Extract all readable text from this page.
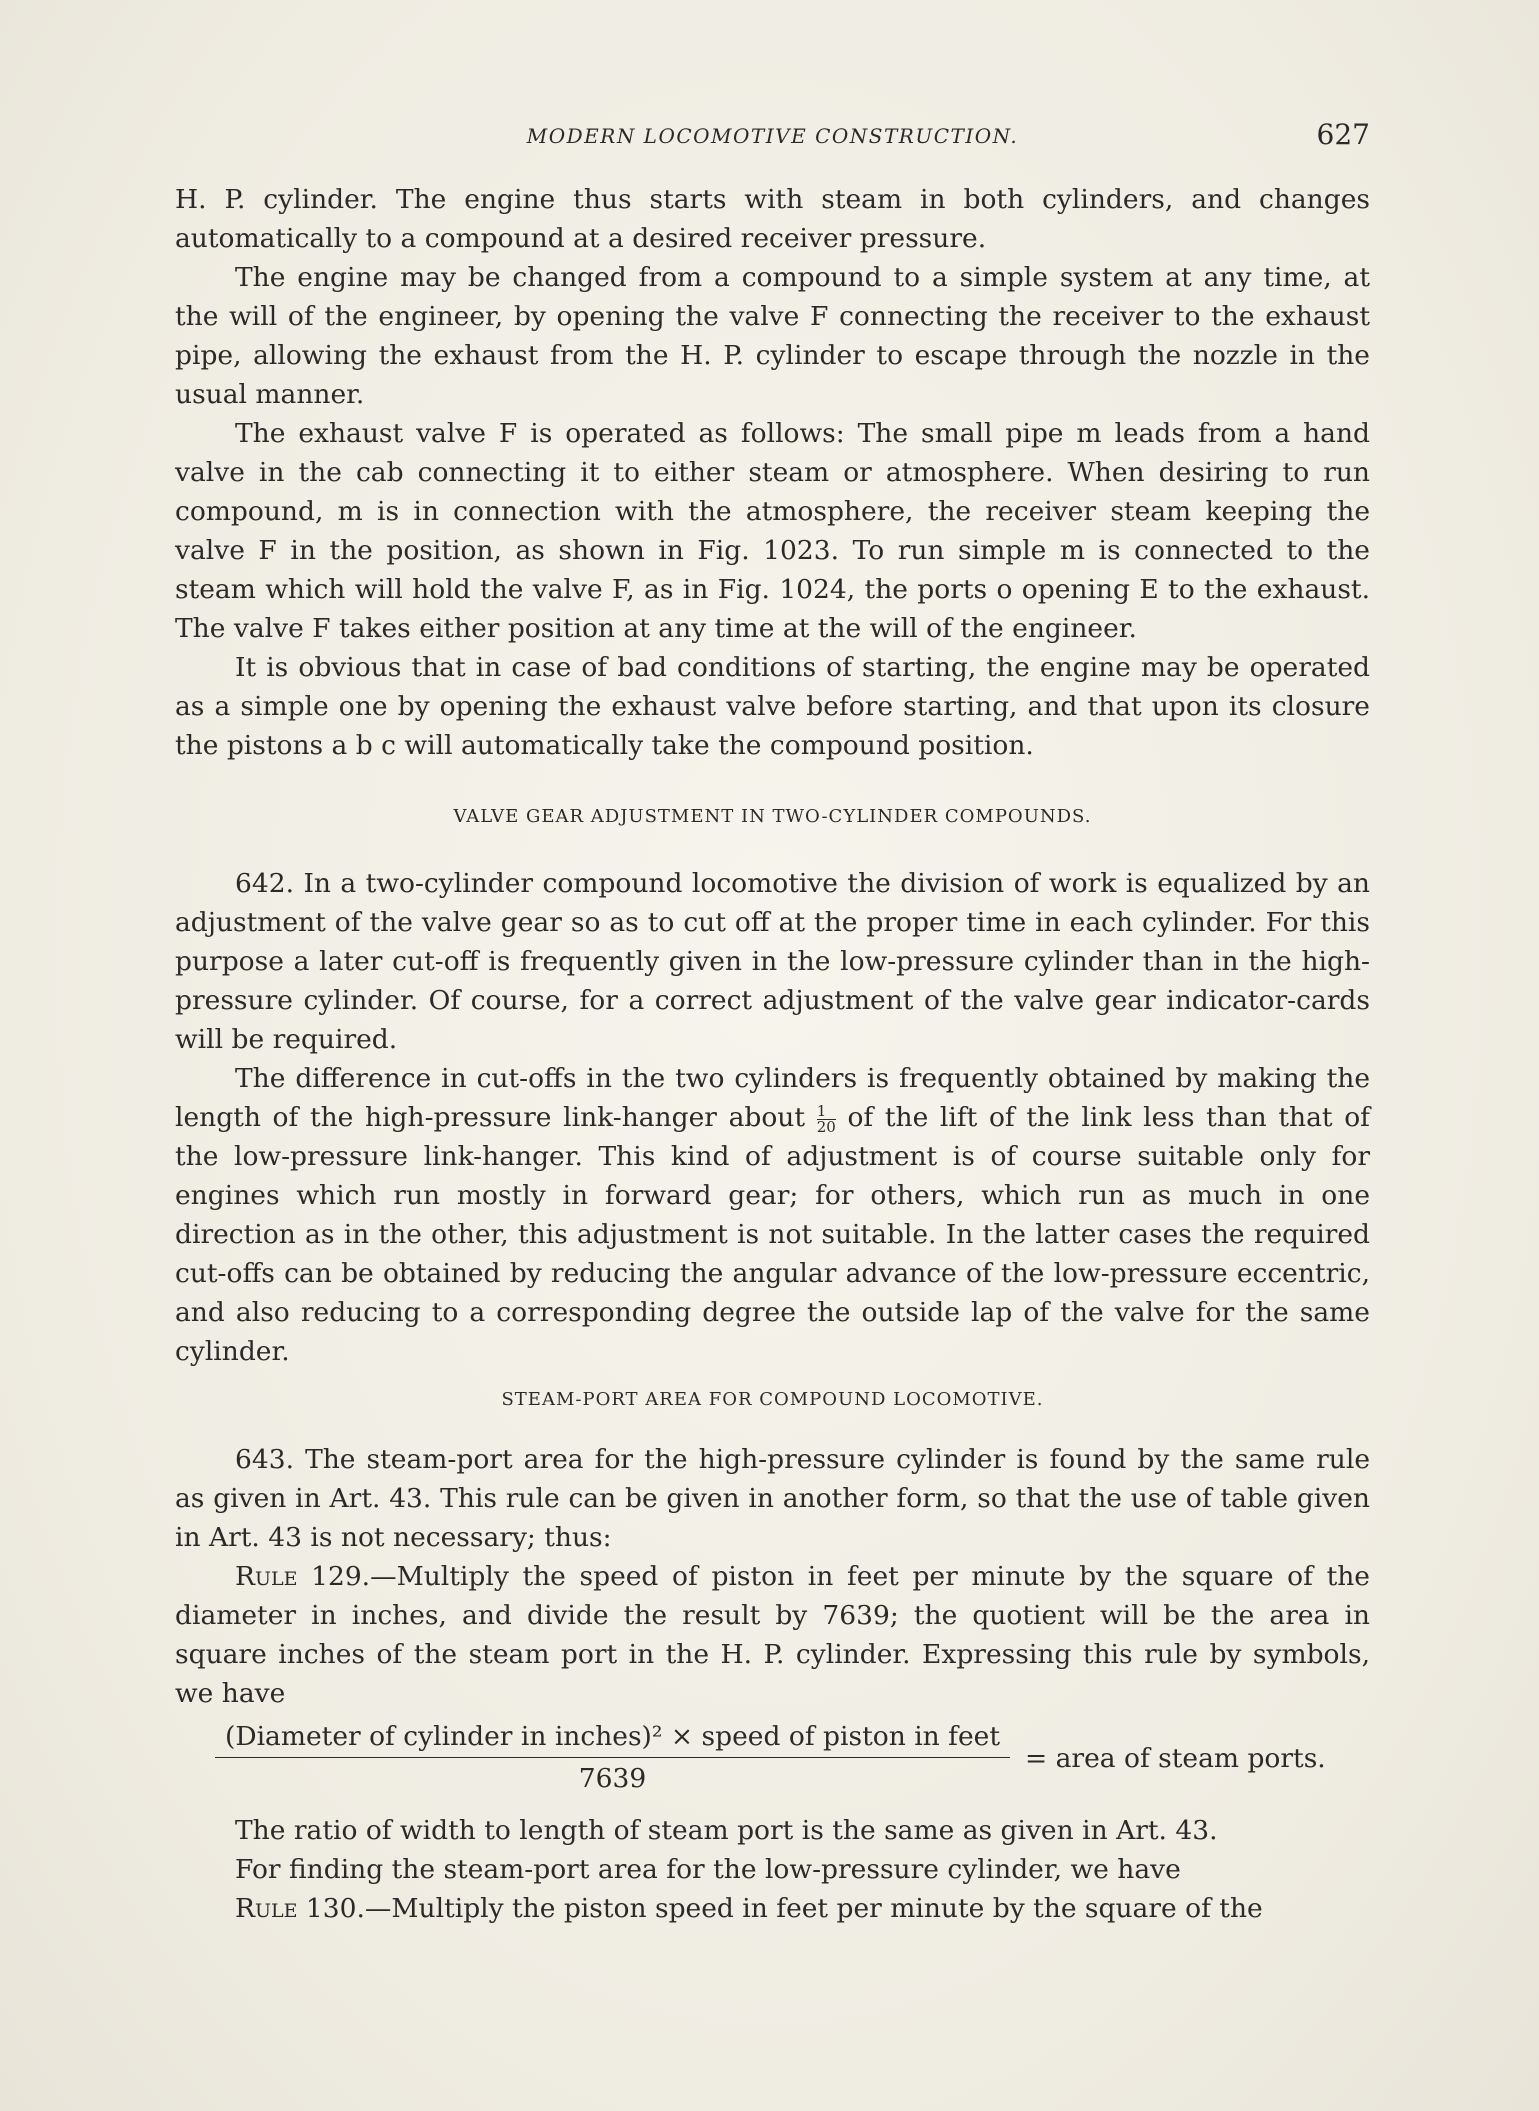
MODERN LOCOMOTIVE CONSTRUCTION.	627

H. P. cylinder. The engine thus starts with steam in both cylinders, and changes automatically to a compound at a desired receiver pressure.

The engine may be changed from a compound to a simple system at any time, at the will of the engineer, by opening the valve F connecting the receiver to the exhaust pipe, allowing the exhaust from the H. P. cylinder to escape through the nozzle in the usual manner.

The exhaust valve F is operated as follows: The small pipe m leads from a hand valve in the cab connecting it to either steam or atmosphere. When desiring to run compound, m is in connection with the atmosphere, the receiver steam keeping the valve F in the position, as shown in Fig. 1023. To run simple m is connected to the steam which will hold the valve F, as in Fig. 1024, the ports o opening E to the exhaust. The valve F takes either position at any time at the will of the engineer.

It is obvious that in case of bad conditions of starting, the engine may be operated as a simple one by opening the exhaust valve before starting, and that upon its closure the pistons a b c will automatically take the compound position.

VALVE GEAR ADJUSTMENT IN TWO-CYLINDER COMPOUNDS.

642. In a two-cylinder compound locomotive the division of work is equalized by an adjustment of the valve gear so as to cut off at the proper time in each cylinder. For this purpose a later cut-off is frequently given in the low-pressure cylinder than in the high-pressure cylinder. Of course, for a correct adjustment of the valve gear indicator-cards will be required.

The difference in cut-offs in the two cylinders is frequently obtained by making the length of the high-pressure link-hanger about $\frac{1}{20}$ of the lift of the link less than that of the low-pressure link-hanger. This kind of adjustment is of course suitable only for engines which run mostly in forward gear; for others, which run as much in one direction as in the other, this adjustment is not suitable. In the latter cases the required cut-offs can be obtained by reducing the angular advance of the low-pressure eccentric, and also reducing to a corresponding degree the outside lap of the valve for the same cylinder.

STEAM-PORT AREA FOR COMPOUND LOCOMOTIVE.

643. The steam-port area for the high-pressure cylinder is found by the same rule as given in Art. 43. This rule can be given in another form, so that the use of table given in Art. 43 is not necessary; thus:

Rule 129.—Multiply the speed of piston in feet per minute by the square of the diameter in inches, and divide the result by 7639; the quotient will be the area in square inches of the steam port in the H. P. cylinder. Expressing this rule by symbols, we have

(Diameter of cylinder in inches)² × speed of piston in feet
7639
= area of steam ports.

The ratio of width to length of steam port is the same as given in Art. 43.

For finding the steam-port area for the low-pressure cylinder, we have

Rule 130.—Multiply the piston speed in feet per minute by the square of the
